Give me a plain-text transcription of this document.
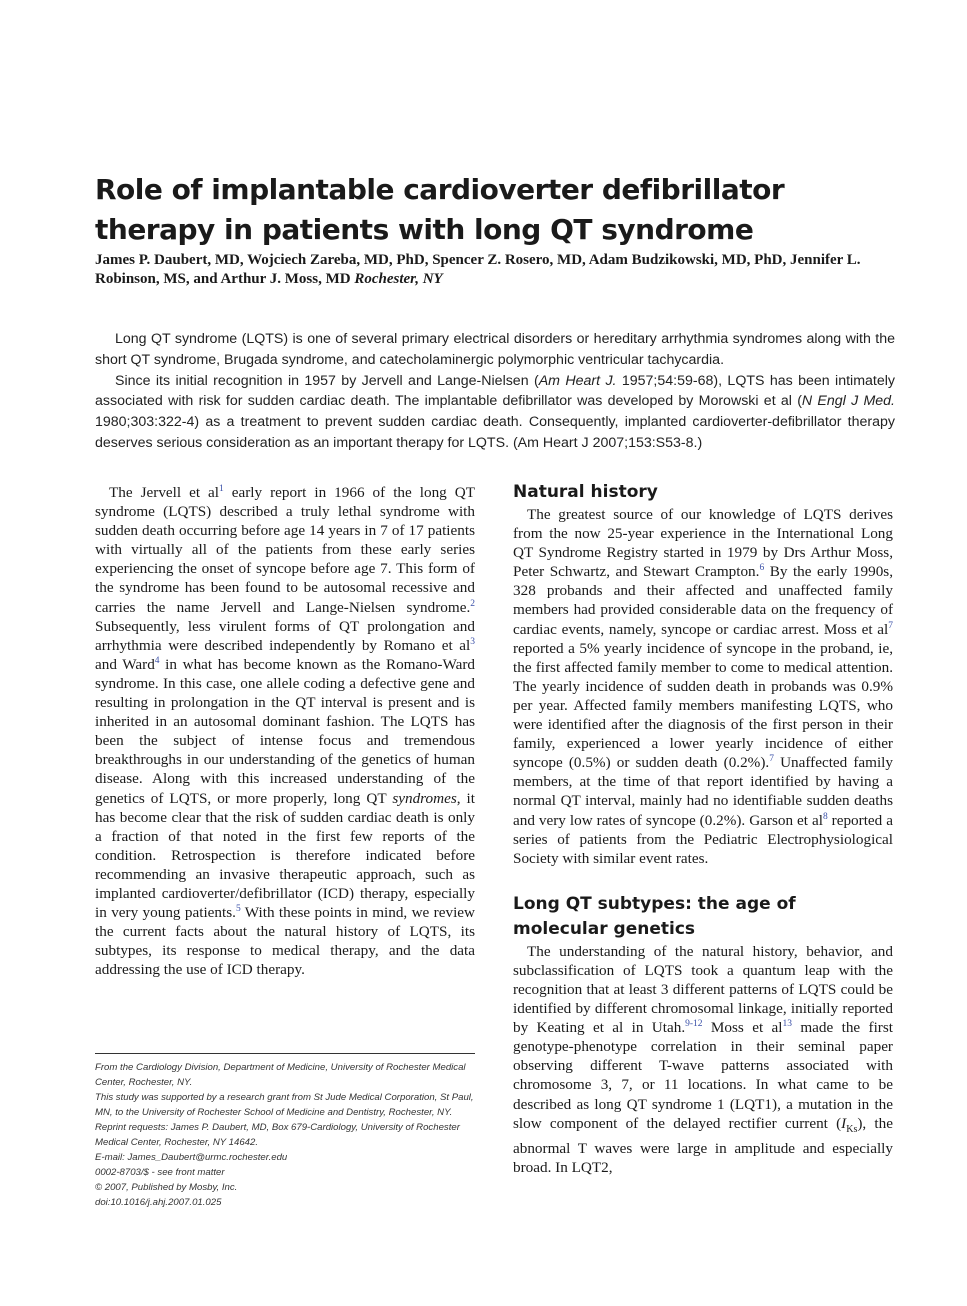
Role of implantable cardioverter defibrillator therapy in patients with long QT syndrome
James P. Daubert, MD, Wojciech Zareba, MD, PhD, Spencer Z. Rosero, MD, Adam Budzikowski, MD, PhD, Jennifer L. Robinson, MS, and Arthur J. Moss, MD Rochester, NY

Long QT syndrome (LQTS) is one of several primary electrical disorders or hereditary arrhythmia syndromes along with the short QT syndrome, Brugada syndrome, and catecholaminergic polymorphic ventricular tachycardia.

Since its initial recognition in 1957 by Jervell and Lange-Nielsen (Am Heart J. 1957;54:59-68), LQTS has been intimately associated with risk for sudden cardiac death. The implantable defibrillator was developed by Morowski et al (N Engl J Med. 1980;303:322-4) as a treatment to prevent sudden cardiac death. Consequently, implanted cardioverter-defibrillator therapy deserves serious consideration as an important therapy for LQTS. (Am Heart J 2007;153:S53-8.)

The Jervell et $al^1$ early report in 1966 of the long QT syndrome (LQTS) described a truly lethal syndrome with sudden death occurring before age 14 years in 7 of 17 patients with virtually all of the patients from these early series experiencing the onset of syncope before age 7. This form of the syndrome has been found to be autosomal recessive and carries the name Jervell and Lange-Nielsen syndrome.$^2$ Subsequently, less virulent forms of QT prolongation and arrhythmia were described independently by Romano et $al^3$ and Ward$^4$ in what has become known as the Romano-Ward syndrome. In this case, one allele coding a defective gene and resulting in prolongation in the QT interval is present and is inherited in an autosomal dominant fashion. The LQTS has been the subject of intense focus and tremendous breakthroughs in our understanding of the genetics of human disease. Along with this increased understanding of the genetics of LQTS, or more properly, long QT syndromes, it has become clear that the risk of sudden cardiac death is only a fraction of that noted in the first few reports of the condition. Retrospection is therefore indicated before recommending an invasive therapeutic approach, such as implanted cardioverter/defibrillator (ICD) therapy, especially in very young patients.$^5$ With these points in mind, we review the current facts about the natural history of LQTS, its subtypes, its response to medical therapy, and the data addressing the use of ICD therapy.

From the Cardiology Division, Department of Medicine, University of Rochester Medical Center, Rochester, NY.
This study was supported by a research grant from St Jude Medical Corporation, St Paul, MN, to the University of Rochester School of Medicine and Dentistry, Rochester, NY.
Reprint requests: James P. Daubert, MD, Box 679-Cardiology, University of Rochester Medical Center, Rochester, NY 14642.
E-mail: James_Daubert@urmc.rochester.edu
0002-8703/$ - see front matter
© 2007, Published by Mosby, Inc.
doi:10.1016/j.ahj.2007.01.025
Natural history

The greatest source of our knowledge of LQTS derives from the now 25-year experience in the International Long QT Syndrome Registry started in 1979 by Drs Arthur Moss, Peter Schwartz, and Stewart Crampton.$^6$ By the early 1990s, 328 probands and their affected and unaffected family members had provided considerable data on the frequency of cardiac events, namely, syncope or cardiac arrest. Moss et $al^7$ reported a 5% yearly incidence of syncope in the proband, ie, the first affected family member to come to medical attention. The yearly incidence of sudden death in probands was 0.9% per year. Affected family members manifesting LQTS, who were identified after the diagnosis of the first person in their family, experienced a lower yearly incidence of either syncope (0.5%) or sudden death (0.2%).$^7$ Unaffected family members, at the time of that report identified by having a normal QT interval, mainly had no identifiable sudden deaths and very low rates of syncope (0.2%). Garson et $al^8$ reported a series of patients from the Pediatric Electrophysiological Society with similar event rates.

Long QT subtypes: the age of molecular genetics

The understanding of the natural history, behavior, and subclassification of LQTS took a quantum leap with the recognition that at least 3 different patterns of LQTS could be identified by different chromosomal linkage, initially reported by Keating et al in Utah.$^{9-12}$ Moss et $al^{13}$ made the first genotype-phenotype correlation in their seminal paper observing different T-wave patterns associated with chromosome 3, 7, or 11 locations. In what came to be described as long QT syndrome 1 (LQT1), a mutation in the slow component of the delayed rectifier current $(I_{Ks})$, the abnormal T waves were large in amplitude and especially broad. In LQT2,
